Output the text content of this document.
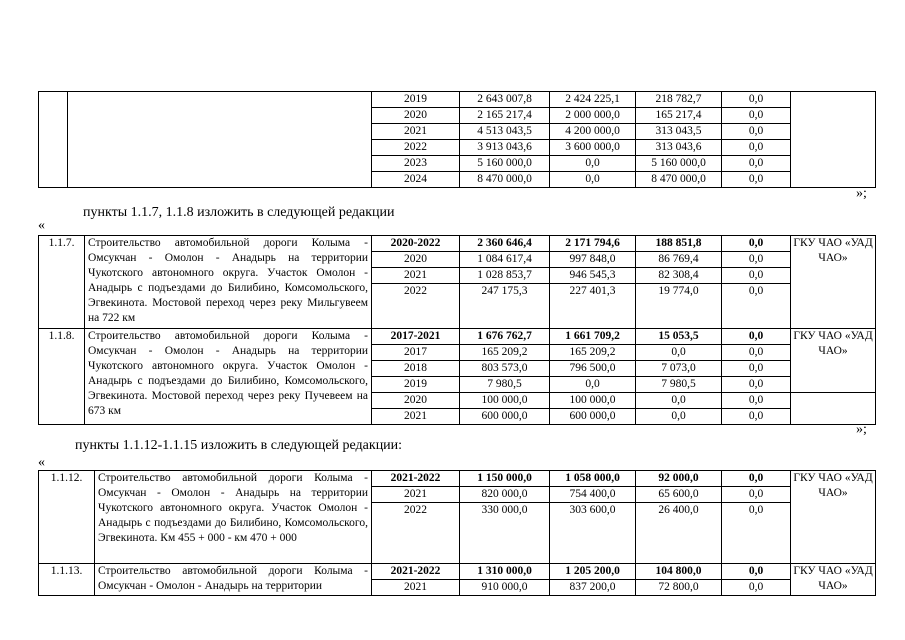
		2019	2 643 007,8	2 424 225,1	218 782,7	0,0	
		2020	2 165 217,4	2 000 000,0	165 217,4	0,0	
		2021	4 513 043,5	4 200 000,0	313 043,5	0,0	
		2022	3 913 043,6	3 600 000,0	313 043,6	0,0	
		2023	5 160 000,0	0,0	5 160 000,0	0,0	
		2024	8 470 000,0	0,0	8 470 000,0	0,0	
»;
пункты 1.1.7, 1.1.8 изложить в следующей редакции
«
1.1.7.	Строительство автомобильной дороги Колыма - Омсукчан - Омолон - Анадырь на территории Чукотского автономного округа. Участок Омолон - Анадырь с подъездами до Билибино, Комсомольского, Эгвекинота. Мостовой переход через реку Мильгувеем на 722 км	2020-2022	2 360 646,4	2 171 794,6	188 851,8	0,0	ГКУ ЧАО «УАД ЧАО»
		2020	1 084 617,4	997 848,0	86 769,4	0,0	
		2021	1 028 853,7	946 545,3	82 308,4	0,0	
		2022	247 175,3	227 401,3	19 774,0	0,0	
1.1.8.	Строительство автомобильной дороги Колыма - Омсукчан - Омолон - Анадырь на территории Чукотского автономного округа. Участок Омолон - Анадырь с подъездами до Билибино, Комсомольского, Эгвекинота. Мостовой переход через реку Пучевеем на 673 км	2017-2021	1 676 762,7	1 661 709,2	15 053,5	0,0	ГКУ ЧАО «УАД ЧАО»
		2017	165 209,2	165 209,2	0,0	0,0	
		2018	803 573,0	796 500,0	7 073,0	0,0	
		2019	7 980,5	0,0	7 980,5	0,0	
		2020	100 000,0	100 000,0	0,0	0,0	
		2021	600 000,0	600 000,0	0,0	0,0	
»;
пункты 1.1.12-1.1.15 изложить в следующей редакции:
«
1.1.12.	Строительство автомобильной дороги Колыма - Омсукчан - Омолон - Анадырь на территории Чукотского автономного округа. Участок Омолон - Анадырь с подъездами до Билибино, Комсомольского, Эгвекинота. Км 455 + 000 - км 470 + 000	2021-2022	1 150 000,0	1 058 000,0	92 000,0	0,0	ГКУ ЧАО «УАД ЧАО»
		2021	820 000,0	754 400,0	65 600,0	0,0	
		2022	330 000,0	303 600,0	26 400,0	0,0	
1.1.13.	Строительство автомобильной дороги Колыма - Омсукчан - Омолон - Анадырь на территории	2021-2022	1 310 000,0	1 205 200,0	104 800,0	0,0	ГКУ ЧАО «УАД ЧАО»
		2021	910 000,0	837 200,0	72 800,0	0,0	
